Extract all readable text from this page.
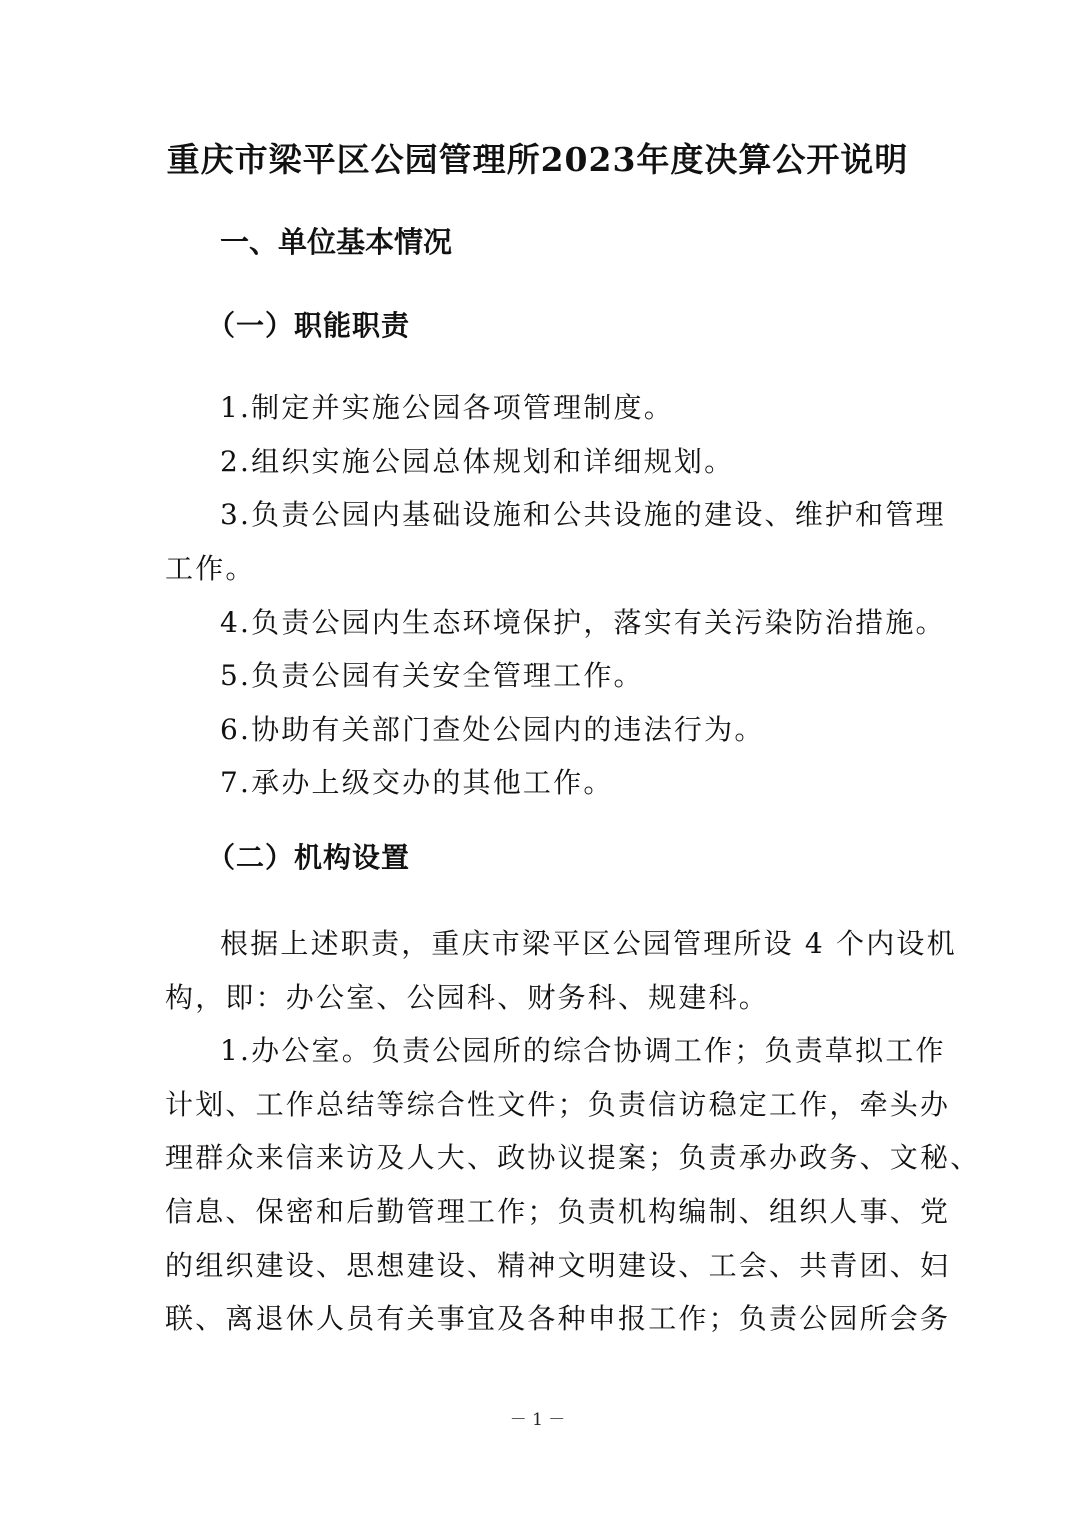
重庆市梁平区公园管理所2023年度决算公开说明
一、单位基本情况
（一）职能职责
1.制定并实施公园各项管理制度。
2.组织实施公园总体规划和详细规划。
3.负责公园内基础设施和公共设施的建设、维护和管理
工作。
4.负责公园内生态环境保护，落实有关污染防治措施。
5.负责公园有关安全管理工作。
6.协助有关部门查处公园内的违法行为。
7.承办上级交办的其他工作。
（二）机构设置
根据上述职责，重庆市梁平区公园管理所设 4 个内设机
构，即：办公室、公园科、财务科、规建科。
1.办公室。负责公园所的综合协调工作；负责草拟工作
计划、工作总结等综合性文件；负责信访稳定工作，牵头办
理群众来信来访及人大、政协议提案；负责承办政务、文秘、
信息、保密和后勤管理工作；负责机构编制、组织人事、党
的组织建设、思想建设、精神文明建设、工会、共青团、妇
联、离退休人员有关事宜及各种申报工作；负责公园所会务
－ 1 －
